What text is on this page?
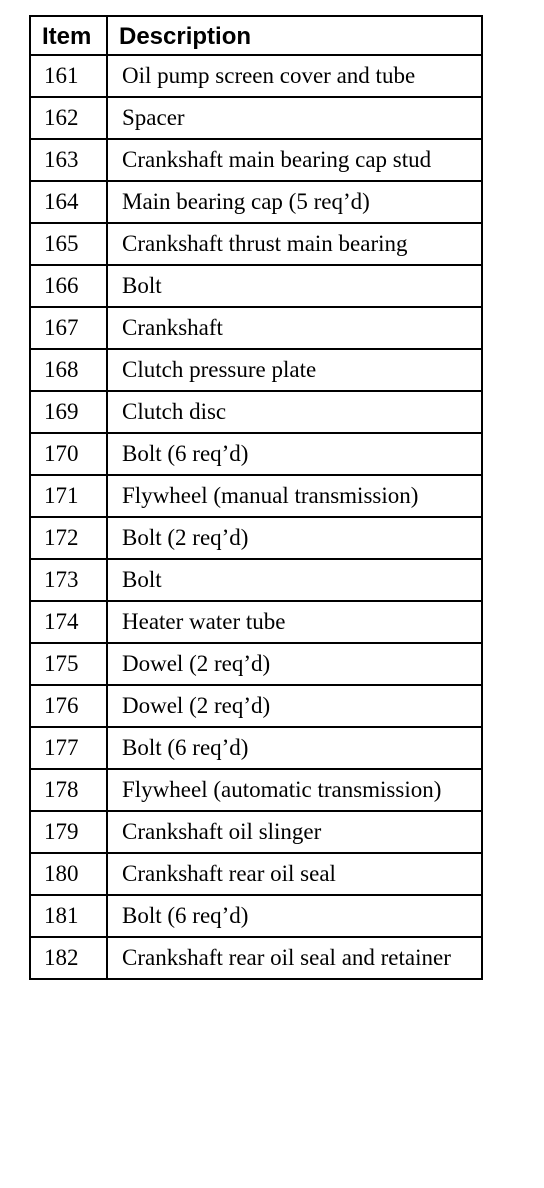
Item	Description
161	Oil pump screen cover and tube
162	Spacer
163	Crankshaft main bearing cap stud
164	Main bearing cap (5 req’d)
165	Crankshaft thrust main bearing
166	Bolt
167	Crankshaft
168	Clutch pressure plate
169	Clutch disc
170	Bolt (6 req’d)
171	Flywheel (manual transmission)
172	Bolt (2 req’d)
173	Bolt
174	Heater water tube
175	Dowel (2 req’d)
176	Dowel (2 req’d)
177	Bolt (6 req’d)
178	Flywheel (automatic transmission)
179	Crankshaft oil slinger
180	Crankshaft rear oil seal
181	Bolt (6 req’d)
182	Crankshaft rear oil seal and retainer
